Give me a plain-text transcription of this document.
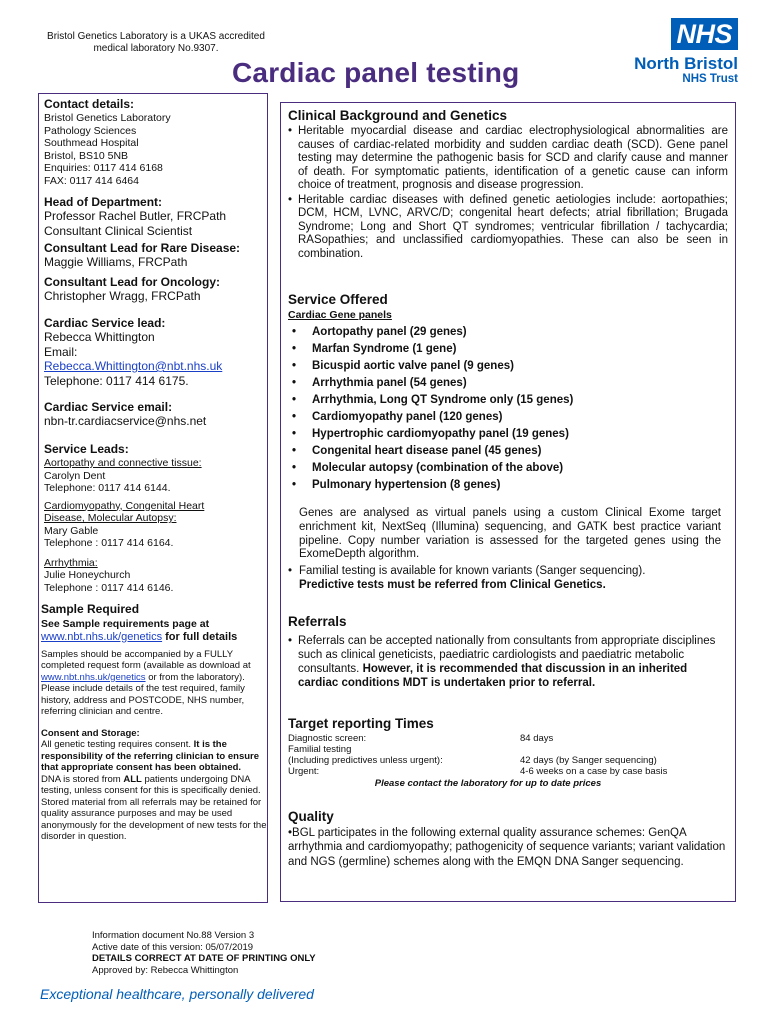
Bristol Genetics Laboratory is a UKAS accredited
medical laboratory No.9307.
Cardiac panel testing
NHS
North Bristol
NHS Trust
Contact details:
Bristol Genetics Laboratory
Pathology Sciences
Southmead Hospital
Bristol, BS10 5NB
Enquiries: 0117 414 6168
FAX: 0117 414 6464
Head of Department:
Professor Rachel Butler, FRCPath
Consultant Clinical Scientist
Consultant Lead for Rare Disease:
Maggie Williams, FRCPath
Consultant Lead for Oncology:
Christopher Wragg, FRCPath
Cardiac Service lead:
Rebecca Whittington
Email:
Rebecca.Whittington@nbt.nhs.uk
Telephone: 0117 414 6175.
Cardiac Service email:
nbn-tr.cardiacservice@nhs.net
Service Leads:
Aortopathy and connective tissue:
Carolyn Dent
Telephone: 0117 414 6144.
Cardiomyopathy, Congenital Heart
Disease, Molecular Autopsy:
Mary Gable
Telephone : 0117 414 6164.
Arrhythmia:
Julie Honeychurch
Telephone : 0117 414 6146.
Sample Required
See Sample requirements page at
www.nbt.nhs.uk/genetics for full details
Samples should be accompanied by a FULLY completed request form (available as download at www.nbt.nhs.uk/genetics or from the laboratory).
Please include details of the test required, family history, address and POSTCODE, NHS number, referring clinician and centre.
Consent and Storage:
All genetic testing requires consent. It is the responsibility of the referring clinician to ensure that appropriate consent has been obtained.
DNA is stored from ALL patients undergoing DNA testing, unless consent for this is specifically denied.
Stored material from all referrals may be retained for quality assurance purposes and may be used anonymously for the development of new tests for the disorder in question.
Clinical Background and Genetics
• Heritable myocardial disease and cardiac electrophysiological abnormalities are causes of cardiac-related morbidity and sudden cardiac death (SCD). Gene panel testing may determine the pathogenic basis for SCD and clarify cause and manner of death. For symptomatic patients, identification of a genetic cause can inform choice of treatment, prognosis and disease progression.
• Heritable cardiac diseases with defined genetic aetiologies include: aortopathies; DCM, HCM, LVNC, ARVC/D; congenital heart defects; atrial fibrillation; Brugada Syndrome; Long and Short QT syndromes; ventricular fibrillation / tachycardia; RASopathies; and unclassified cardiomyopathies. These can also be seen in combination.
Service Offered
Cardiac Gene panels
• Aortopathy panel (29 genes)
• Marfan Syndrome (1 gene)
• Bicuspid aortic valve panel (9 genes)
• Arrhythmia panel (54 genes)
• Arrhythmia, Long QT Syndrome only (15 genes)
• Cardiomyopathy panel (120 genes)
• Hypertrophic cardiomyopathy panel (19 genes)
• Congenital heart disease panel (45 genes)
• Molecular autopsy (combination of the above)
• Pulmonary hypertension (8 genes)
Genes are analysed as virtual panels using a custom Clinical Exome target enrichment kit, NextSeq (Illumina) sequencing, and GATK best practice variant pipeline. Copy number variation is assessed for the targeted genes using the ExomeDepth algorithm.
• Familial testing is available for known variants (Sanger sequencing).
Predictive tests must be referred from Clinical Genetics.
Referrals
• Referrals can be accepted nationally from consultants from appropriate disciplines such as clinical geneticists, paediatric cardiologists and paediatric metabolic consultants. However, it is recommended that discussion in an inherited cardiac conditions MDT is undertaken prior to referral.
Target reporting Times
Diagnostic screen:	84 days
Familial testing
(Including predictives unless urgent):	42 days (by Sanger sequencing)
Urgent:	4-6 weeks on a case by case basis
Please contact the laboratory for up to date prices
Quality
•BGL participates in the following external quality assurance schemes: GenQA arrhythmia and cardiomyopathy; pathogenicity of sequence variants; variant validation and NGS (germline) schemes along with the EMQN DNA Sanger sequencing.
Information document No.88 Version 3
Active date of this version: 05/07/2019
DETAILS CORRECT AT DATE OF PRINTING ONLY
Approved by: Rebecca Whittington
Exceptional healthcare, personally delivered
